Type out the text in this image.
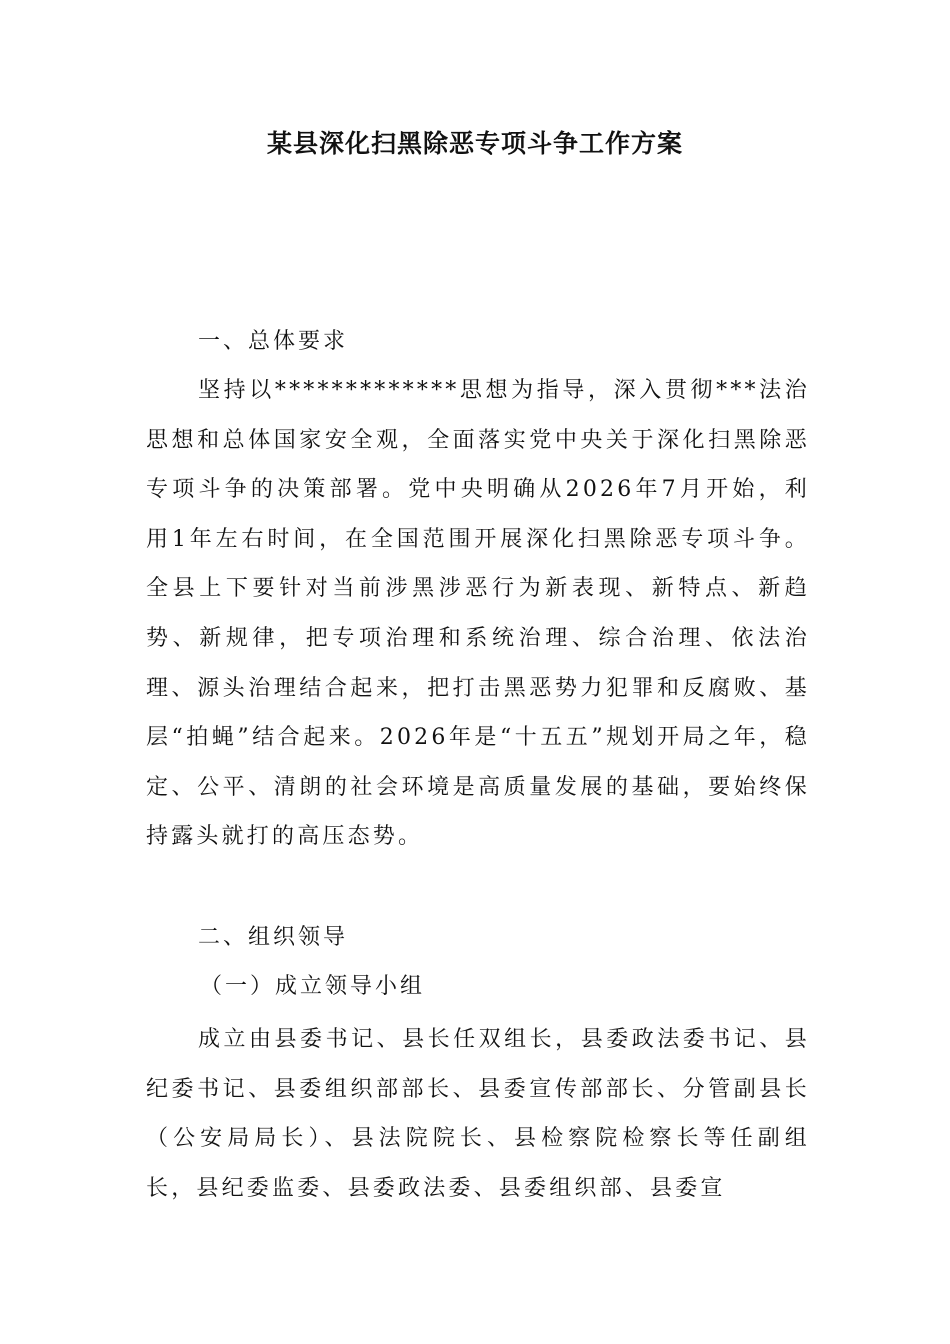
某县深化扫黑除恶专项斗争工作方案

一、总体要求

坚持以*************思想为指导，深入贯彻***法治思想和总体国家安全观，全面落实党中央关于深化扫黑除恶专项斗争的决策部署。党中央明确从2026年7月开始，利用1年左右时间，在全国范围开展深化扫黑除恶专项斗争。全县上下要针对当前涉黑涉恶行为新表现、新特点、新趋势、新规律，把专项治理和系统治理、综合治理、依法治理、源头治理结合起来，把打击黑恶势力犯罪和反腐败、基层“拍蝇”结合起来。2026年是“十五五”规划开局之年，稳定、公平、清朗的社会环境是高质量发展的基础，要始终保持露头就打的高压态势。

二、组织领导

（一）成立领导小组

成立由县委书记、县长任双组长，县委政法委书记、县纪委书记、县委组织部部长、县委宣传部部长、分管副县长（公安局局长）、县法院院长、县检察院检察长等任副组长，县纪委监委、县委政法委、县委组织部、县委宣
